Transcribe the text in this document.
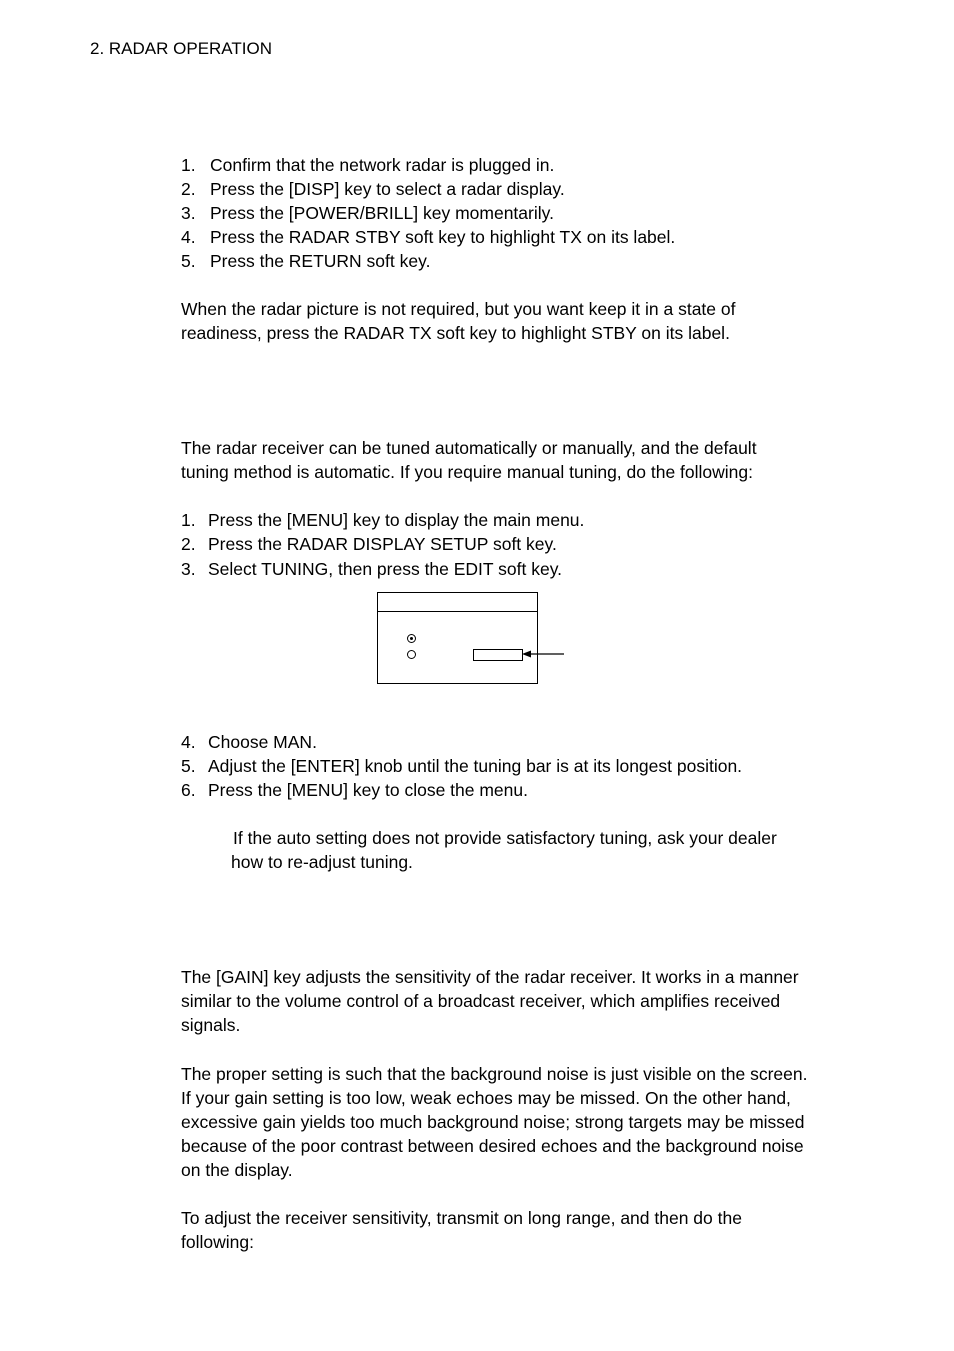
2. RADAR OPERATION
1. Confirm that the network radar is plugged in.
2. Press the [DISP] key to select a radar display.
3. Press the [POWER/BRILL] key momentarily.
4. Press the RADAR STBY soft key to highlight TX on its label.
5. Press the RETURN soft key.
When the radar picture is not required, but you want keep it in a state of
readiness, press the RADAR TX soft key to highlight STBY on its label.
The radar receiver can be tuned automatically or manually, and the default
tuning method is automatic. If you require manual tuning, do the following:
1. Press the [MENU] key to display the main menu.
2. Press the RADAR DISPLAY SETUP soft key.
3. Select TUNING, then press the EDIT soft key.
4. Choose MAN.
5. Adjust the [ENTER] knob until the tuning bar is at its longest position.
6. Press the [MENU] key to close the menu.
If the auto setting does not provide satisfactory tuning, ask your dealer
how to re-adjust tuning.
The [GAIN] key adjusts the sensitivity of the radar receiver. It works in a manner
similar to the volume control of a broadcast receiver, which amplifies received
signals.
The proper setting is such that the background noise is just visible on the screen.
If your gain setting is too low, weak echoes may be missed. On the other hand,
excessive gain yields too much background noise; strong targets may be missed
because of the poor contrast between desired echoes and the background noise
on the display.
To adjust the receiver sensitivity, transmit on long range, and then do the
following:
